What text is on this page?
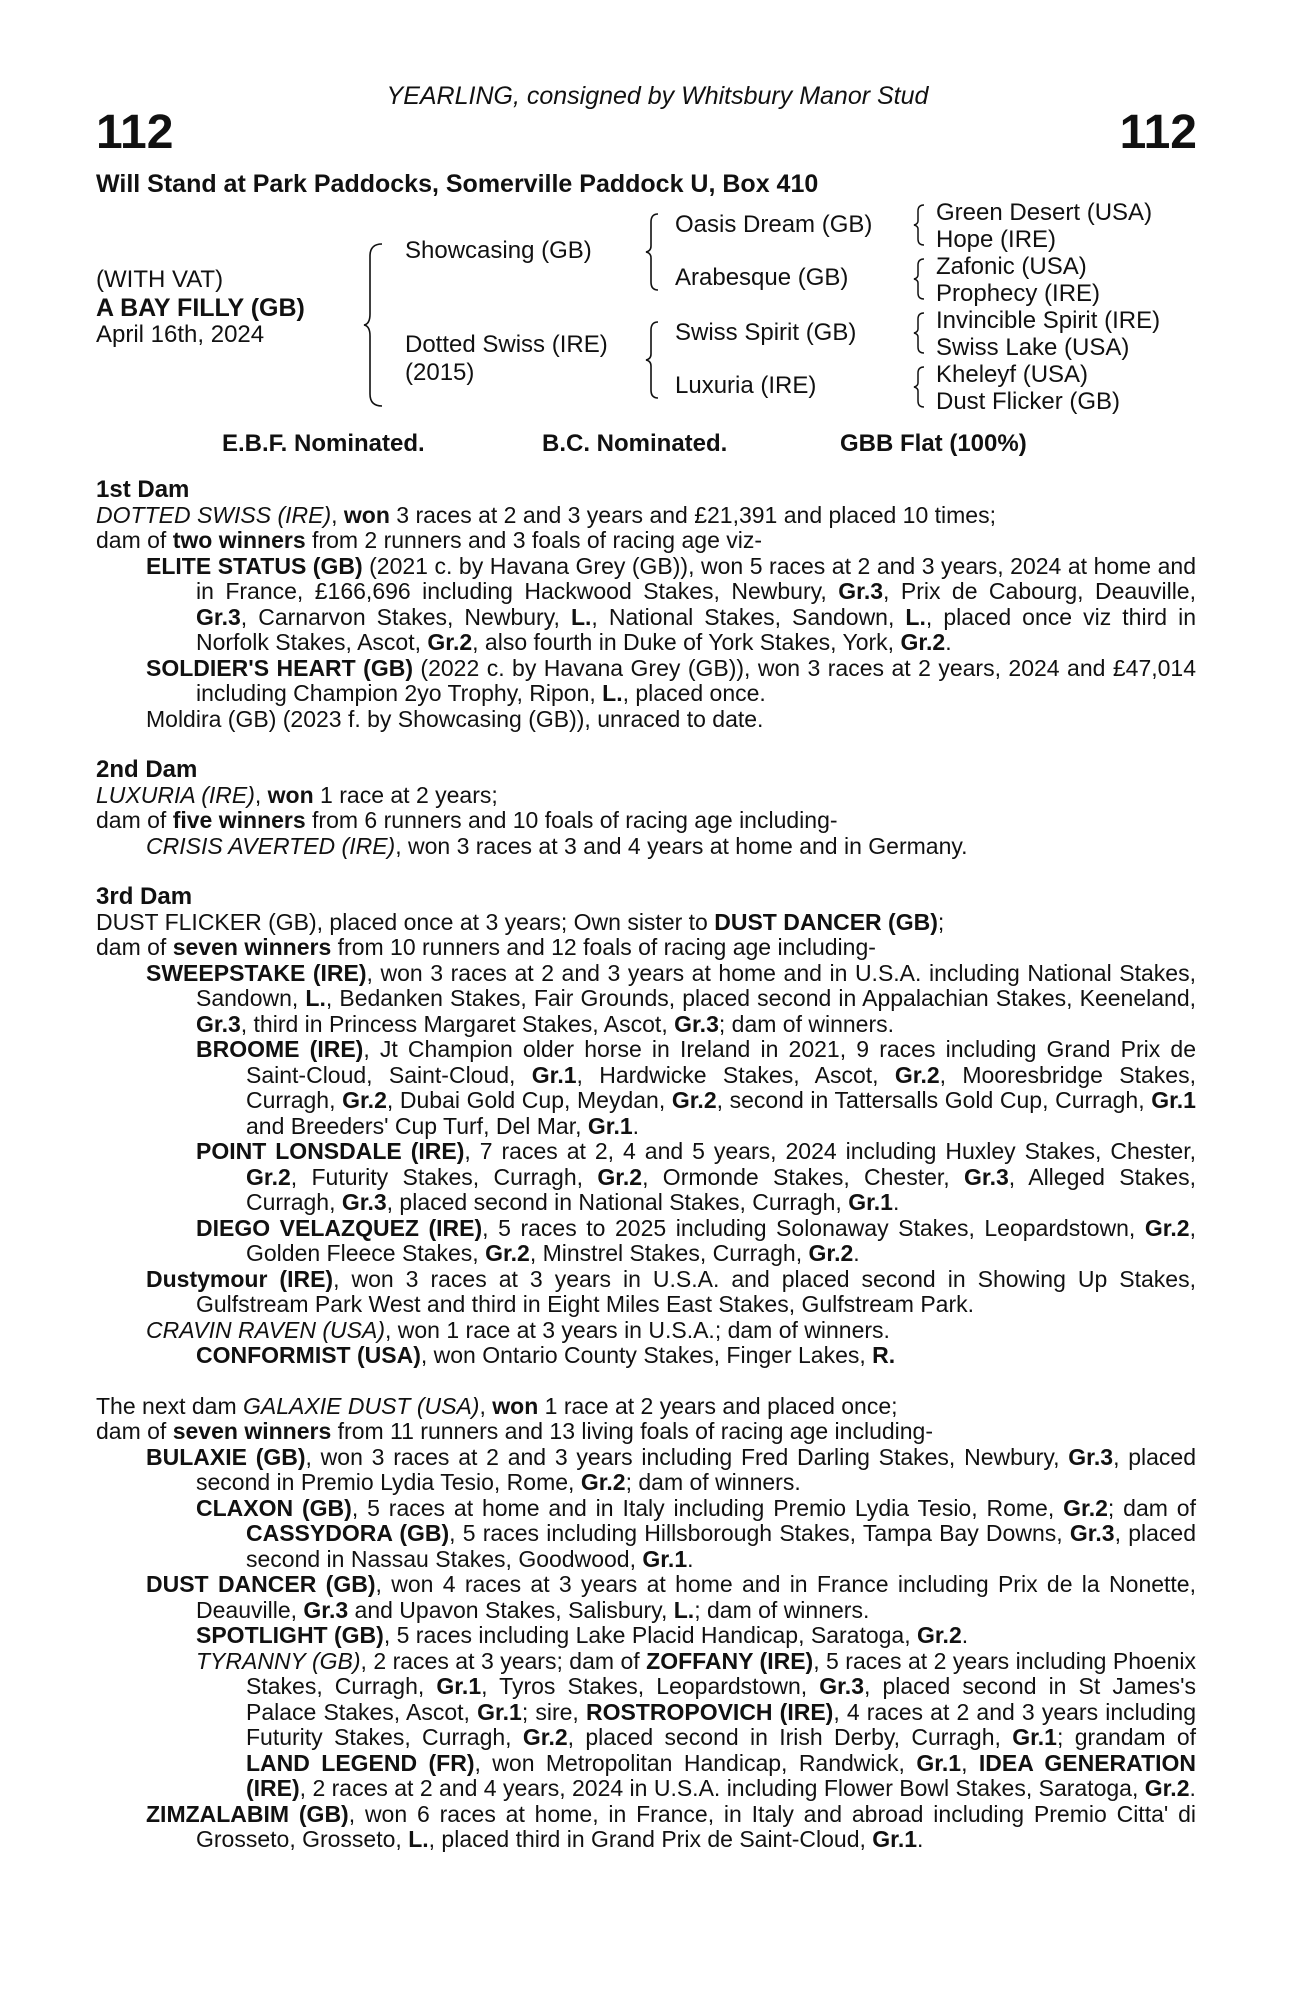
YEARLING, consigned by Whitsbury Manor Stud
112	112
Will Stand at Park Paddocks, Somerville Paddock U, Box 410
(WITH VAT)
A BAY FILLY (GB)
April 16th, 2024
Showcasing (GB)
Dotted Swiss (IRE)
(2015)
Oasis Dream (GB)
Arabesque (GB)
Swiss Spirit (GB)
Luxuria (IRE)
Green Desert (USA)
Hope (IRE)
Zafonic (USA)
Prophecy (IRE)
Invincible Spirit (IRE)
Swiss Lake (USA)
Kheleyf (USA)
Dust Flicker (GB)
E.B.F. Nominated.	B.C. Nominated.	GBB Flat (100%)

1st Dam

DOTTED SWISS (IRE), won 3 races at 2 and 3 years and £21,391 and placed 10 times;

dam of two winners from 2 runners and 3 foals of racing age viz-

ELITE STATUS (GB) (2021 c. by Havana Grey (GB)), won 5 races at 2 and 3 years, 2024 at home and in France, £166,696 including Hackwood Stakes, Newbury, Gr.3, Prix de Cabourg, Deauville, Gr.3, Carnarvon Stakes, Newbury, L., National Stakes, Sandown, L., placed once viz third in Norfolk Stakes, Ascot, Gr.2, also fourth in Duke of York Stakes, York, Gr.2.

SOLDIER'S HEART (GB) (2022 c. by Havana Grey (GB)), won 3 races at 2 years, 2024 and £47,014 including Champion 2yo Trophy, Ripon, L., placed once.

Moldira (GB) (2023 f. by Showcasing (GB)), unraced to date.

2nd Dam

LUXURIA (IRE), won 1 race at 2 years;

dam of five winners from 6 runners and 10 foals of racing age including-

CRISIS AVERTED (IRE), won 3 races at 3 and 4 years at home and in Germany.

3rd Dam

DUST FLICKER (GB), placed once at 3 years; Own sister to DUST DANCER (GB);

dam of seven winners from 10 runners and 12 foals of racing age including-

SWEEPSTAKE (IRE), won 3 races at 2 and 3 years at home and in U.S.A. including National Stakes, Sandown, L., Bedanken Stakes, Fair Grounds, placed second in Appalachian Stakes, Keeneland, Gr.3, third in Princess Margaret Stakes, Ascot, Gr.3; dam of winners.

BROOME (IRE), Jt Champion older horse in Ireland in 2021, 9 races including Grand Prix de Saint-Cloud, Saint-Cloud, Gr.1, Hardwicke Stakes, Ascot, Gr.2, Mooresbridge Stakes, Curragh, Gr.2, Dubai Gold Cup, Meydan, Gr.2, second in Tattersalls Gold Cup, Curragh, Gr.1 and Breeders' Cup Turf, Del Mar, Gr.1.

POINT LONSDALE (IRE), 7 races at 2, 4 and 5 years, 2024 including Huxley Stakes, Chester, Gr.2, Futurity Stakes, Curragh, Gr.2, Ormonde Stakes, Chester, Gr.3, Alleged Stakes, Curragh, Gr.3, placed second in National Stakes, Curragh, Gr.1.

DIEGO VELAZQUEZ (IRE), 5 races to 2025 including Solonaway Stakes, Leopardstown, Gr.2, Golden Fleece Stakes, Gr.2, Minstrel Stakes, Curragh, Gr.2.

Dustymour (IRE), won 3 races at 3 years in U.S.A. and placed second in Showing Up Stakes, Gulfstream Park West and third in Eight Miles East Stakes, Gulfstream Park.

CRAVIN RAVEN (USA), won 1 race at 3 years in U.S.A.; dam of winners.

CONFORMIST (USA), won Ontario County Stakes, Finger Lakes, R.

The next dam GALAXIE DUST (USA), won 1 race at 2 years and placed once;

dam of seven winners from 11 runners and 13 living foals of racing age including-

BULAXIE (GB), won 3 races at 2 and 3 years including Fred Darling Stakes, Newbury, Gr.3, placed second in Premio Lydia Tesio, Rome, Gr.2; dam of winners.

CLAXON (GB), 5 races at home and in Italy including Premio Lydia Tesio, Rome, Gr.2; dam of CASSYDORA (GB), 5 races including Hillsborough Stakes, Tampa Bay Downs, Gr.3, placed second in Nassau Stakes, Goodwood, Gr.1.

DUST DANCER (GB), won 4 races at 3 years at home and in France including Prix de la Nonette, Deauville, Gr.3 and Upavon Stakes, Salisbury, L.; dam of winners.

SPOTLIGHT (GB), 5 races including Lake Placid Handicap, Saratoga, Gr.2.

TYRANNY (GB), 2 races at 3 years; dam of ZOFFANY (IRE), 5 races at 2 years including Phoenix Stakes, Curragh, Gr.1, Tyros Stakes, Leopardstown, Gr.3, placed second in St James's Palace Stakes, Ascot, Gr.1; sire, ROSTROPOVICH (IRE), 4 races at 2 and 3 years including Futurity Stakes, Curragh, Gr.2, placed second in Irish Derby, Curragh, Gr.1; grandam of LAND LEGEND (FR), won Metropolitan Handicap, Randwick, Gr.1, IDEA GENERATION (IRE), 2 races at 2 and 4 years, 2024 in U.S.A. including Flower Bowl Stakes, Saratoga, Gr.2.

ZIMZALABIM (GB), won 6 races at home, in France, in Italy and abroad including Premio Citta' di Grosseto, Grosseto, L., placed third in Grand Prix de Saint-Cloud, Gr.1.
